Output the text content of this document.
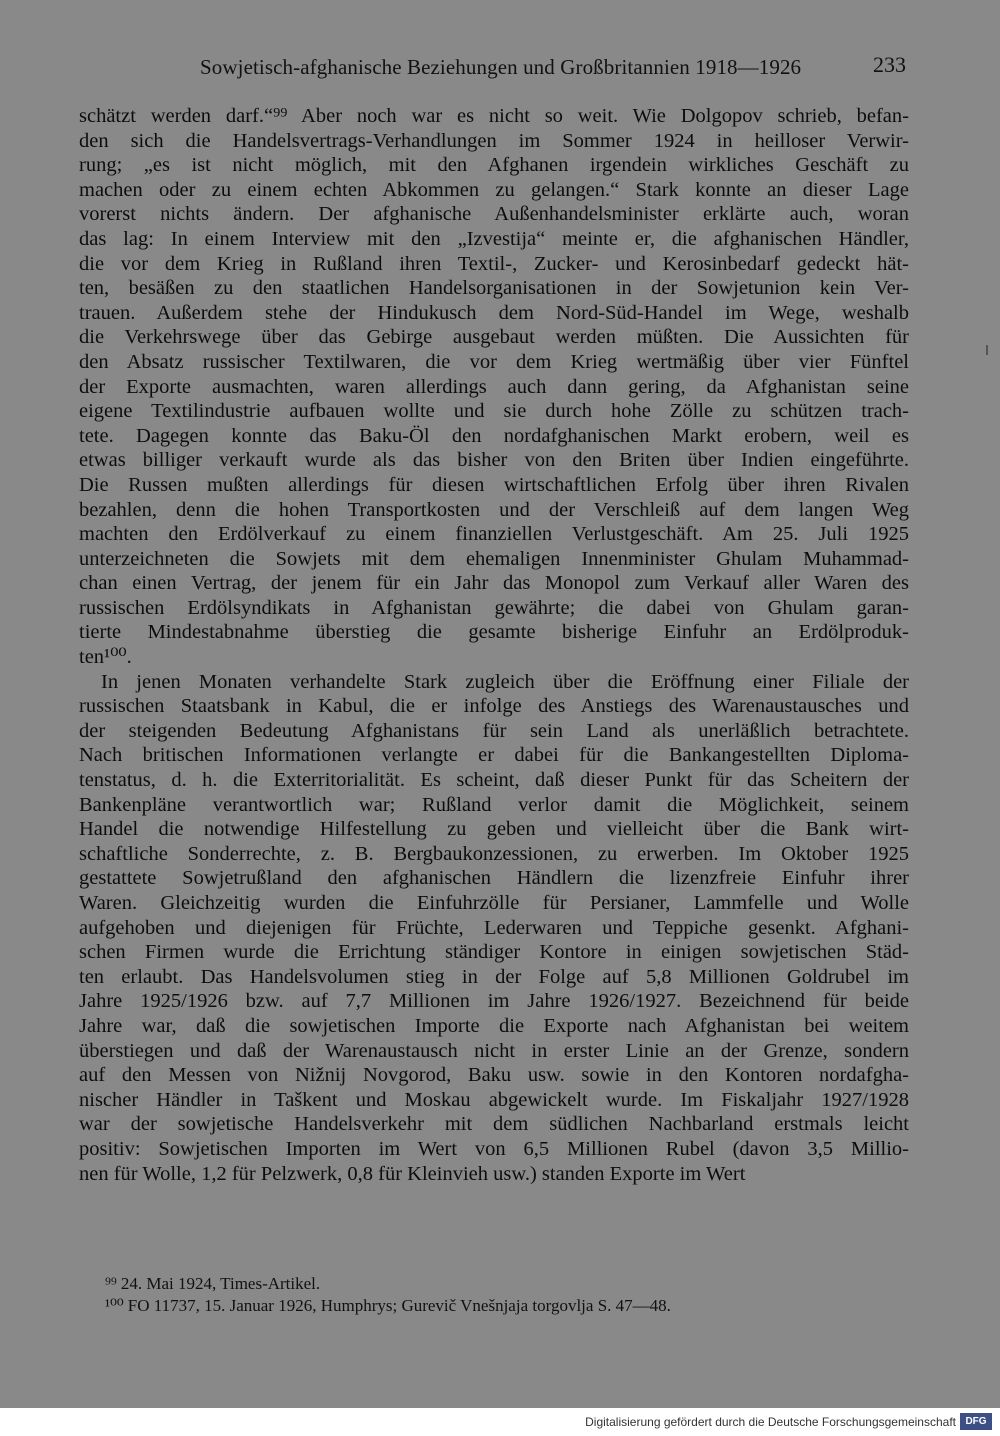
Sowjetisch-afghanische Beziehungen und Großbritannien 1918—1926	233
schätzt werden darf.“⁹⁹ Aber noch war es nicht so weit. Wie Dolgopov schrieb, befan-
den sich die Handelsvertrags-Verhandlungen im Sommer 1924 in heilloser Verwir-
rung; „es ist nicht möglich, mit den Afghanen irgendein wirkliches Geschäft zu
machen oder zu einem echten Abkommen zu gelangen.“ Stark konnte an dieser Lage
vorerst nichts ändern. Der afghanische Außenhandelsminister erklärte auch, woran
das lag: In einem Interview mit den „Izvestija“ meinte er, die afghanischen Händler,
die vor dem Krieg in Rußland ihren Textil-, Zucker- und Kerosinbedarf gedeckt hät-
ten, besäßen zu den staatlichen Handelsorganisationen in der Sowjetunion kein Ver-
trauen. Außerdem stehe der Hindukusch dem Nord-Süd-Handel im Wege, weshalb
die Verkehrswege über das Gebirge ausgebaut werden müßten. Die Aussichten für
den Absatz russischer Textilwaren, die vor dem Krieg wertmäßig über vier Fünftel
der Exporte ausmachten, waren allerdings auch dann gering, da Afghanistan seine
eigene Textilindustrie aufbauen wollte und sie durch hohe Zölle zu schützen trach-
tete. Dagegen konnte das Baku-Öl den nordafghanischen Markt erobern, weil es
etwas billiger verkauft wurde als das bisher von den Briten über Indien eingeführte.
Die Russen mußten allerdings für diesen wirtschaftlichen Erfolg über ihren Rivalen
bezahlen, denn die hohen Transportkosten und der Verschleiß auf dem langen Weg
machten den Erdölverkauf zu einem finanziellen Verlustgeschäft. Am 25. Juli 1925
unterzeichneten die Sowjets mit dem ehemaligen Innenminister Ghulam Muhammad-
chan einen Vertrag, der jenem für ein Jahr das Monopol zum Verkauf aller Waren des
russischen Erdölsyndikats in Afghanistan gewährte; die dabei von Ghulam garan-
tierte Mindestabnahme überstieg die gesamte bisherige Einfuhr an Erdölproduk-
ten¹⁰⁰.
In jenen Monaten verhandelte Stark zugleich über die Eröffnung einer Filiale der
russischen Staatsbank in Kabul, die er infolge des Anstiegs des Warenaustausches und
der steigenden Bedeutung Afghanistans für sein Land als unerläßlich betrachtete.
Nach britischen Informationen verlangte er dabei für die Bankangestellten Diploma-
tenstatus, d. h. die Exterritorialität. Es scheint, daß dieser Punkt für das Scheitern der
Bankenpläne verantwortlich war; Rußland verlor damit die Möglichkeit, seinem
Handel die notwendige Hilfestellung zu geben und vielleicht über die Bank wirt-
schaftliche Sonderrechte, z. B. Bergbaukonzessionen, zu erwerben. Im Oktober 1925
gestattete Sowjetrußland den afghanischen Händlern die lizenzfreie Einfuhr ihrer
Waren. Gleichzeitig wurden die Einfuhrzölle für Persianer, Lammfelle und Wolle
aufgehoben und diejenigen für Früchte, Lederwaren und Teppiche gesenkt. Afghani-
schen Firmen wurde die Errichtung ständiger Kontore in einigen sowjetischen Städ-
ten erlaubt. Das Handelsvolumen stieg in der Folge auf 5,8 Millionen Goldrubel im
Jahre 1925/1926 bzw. auf 7,7 Millionen im Jahre 1926/1927. Bezeichnend für beide
Jahre war, daß die sowjetischen Importe die Exporte nach Afghanistan bei weitem
überstiegen und daß der Warenaustausch nicht in erster Linie an der Grenze, sondern
auf den Messen von Nižnij Novgorod, Baku usw. sowie in den Kontoren nordafgha-
nischer Händler in Taškent und Moskau abgewickelt wurde. Im Fiskaljahr 1927/1928
war der sowjetische Handelsverkehr mit dem südlichen Nachbarland erstmals leicht
positiv: Sowjetischen Importen im Wert von 6,5 Millionen Rubel (davon 3,5 Millio-
nen für Wolle, 1,2 für Pelzwerk, 0,8 für Kleinvieh usw.) standen Exporte im Wert
⁹⁹ 24. Mai 1924, Times-Artikel.
¹⁰⁰ FO 11737, 15. Januar 1926, Humphrys; Gurevič Vnešnjaja torgovlja S. 47—48.
Digitalisierung gefördert durch die Deutsche Forschungsgemeinschaft DFG
